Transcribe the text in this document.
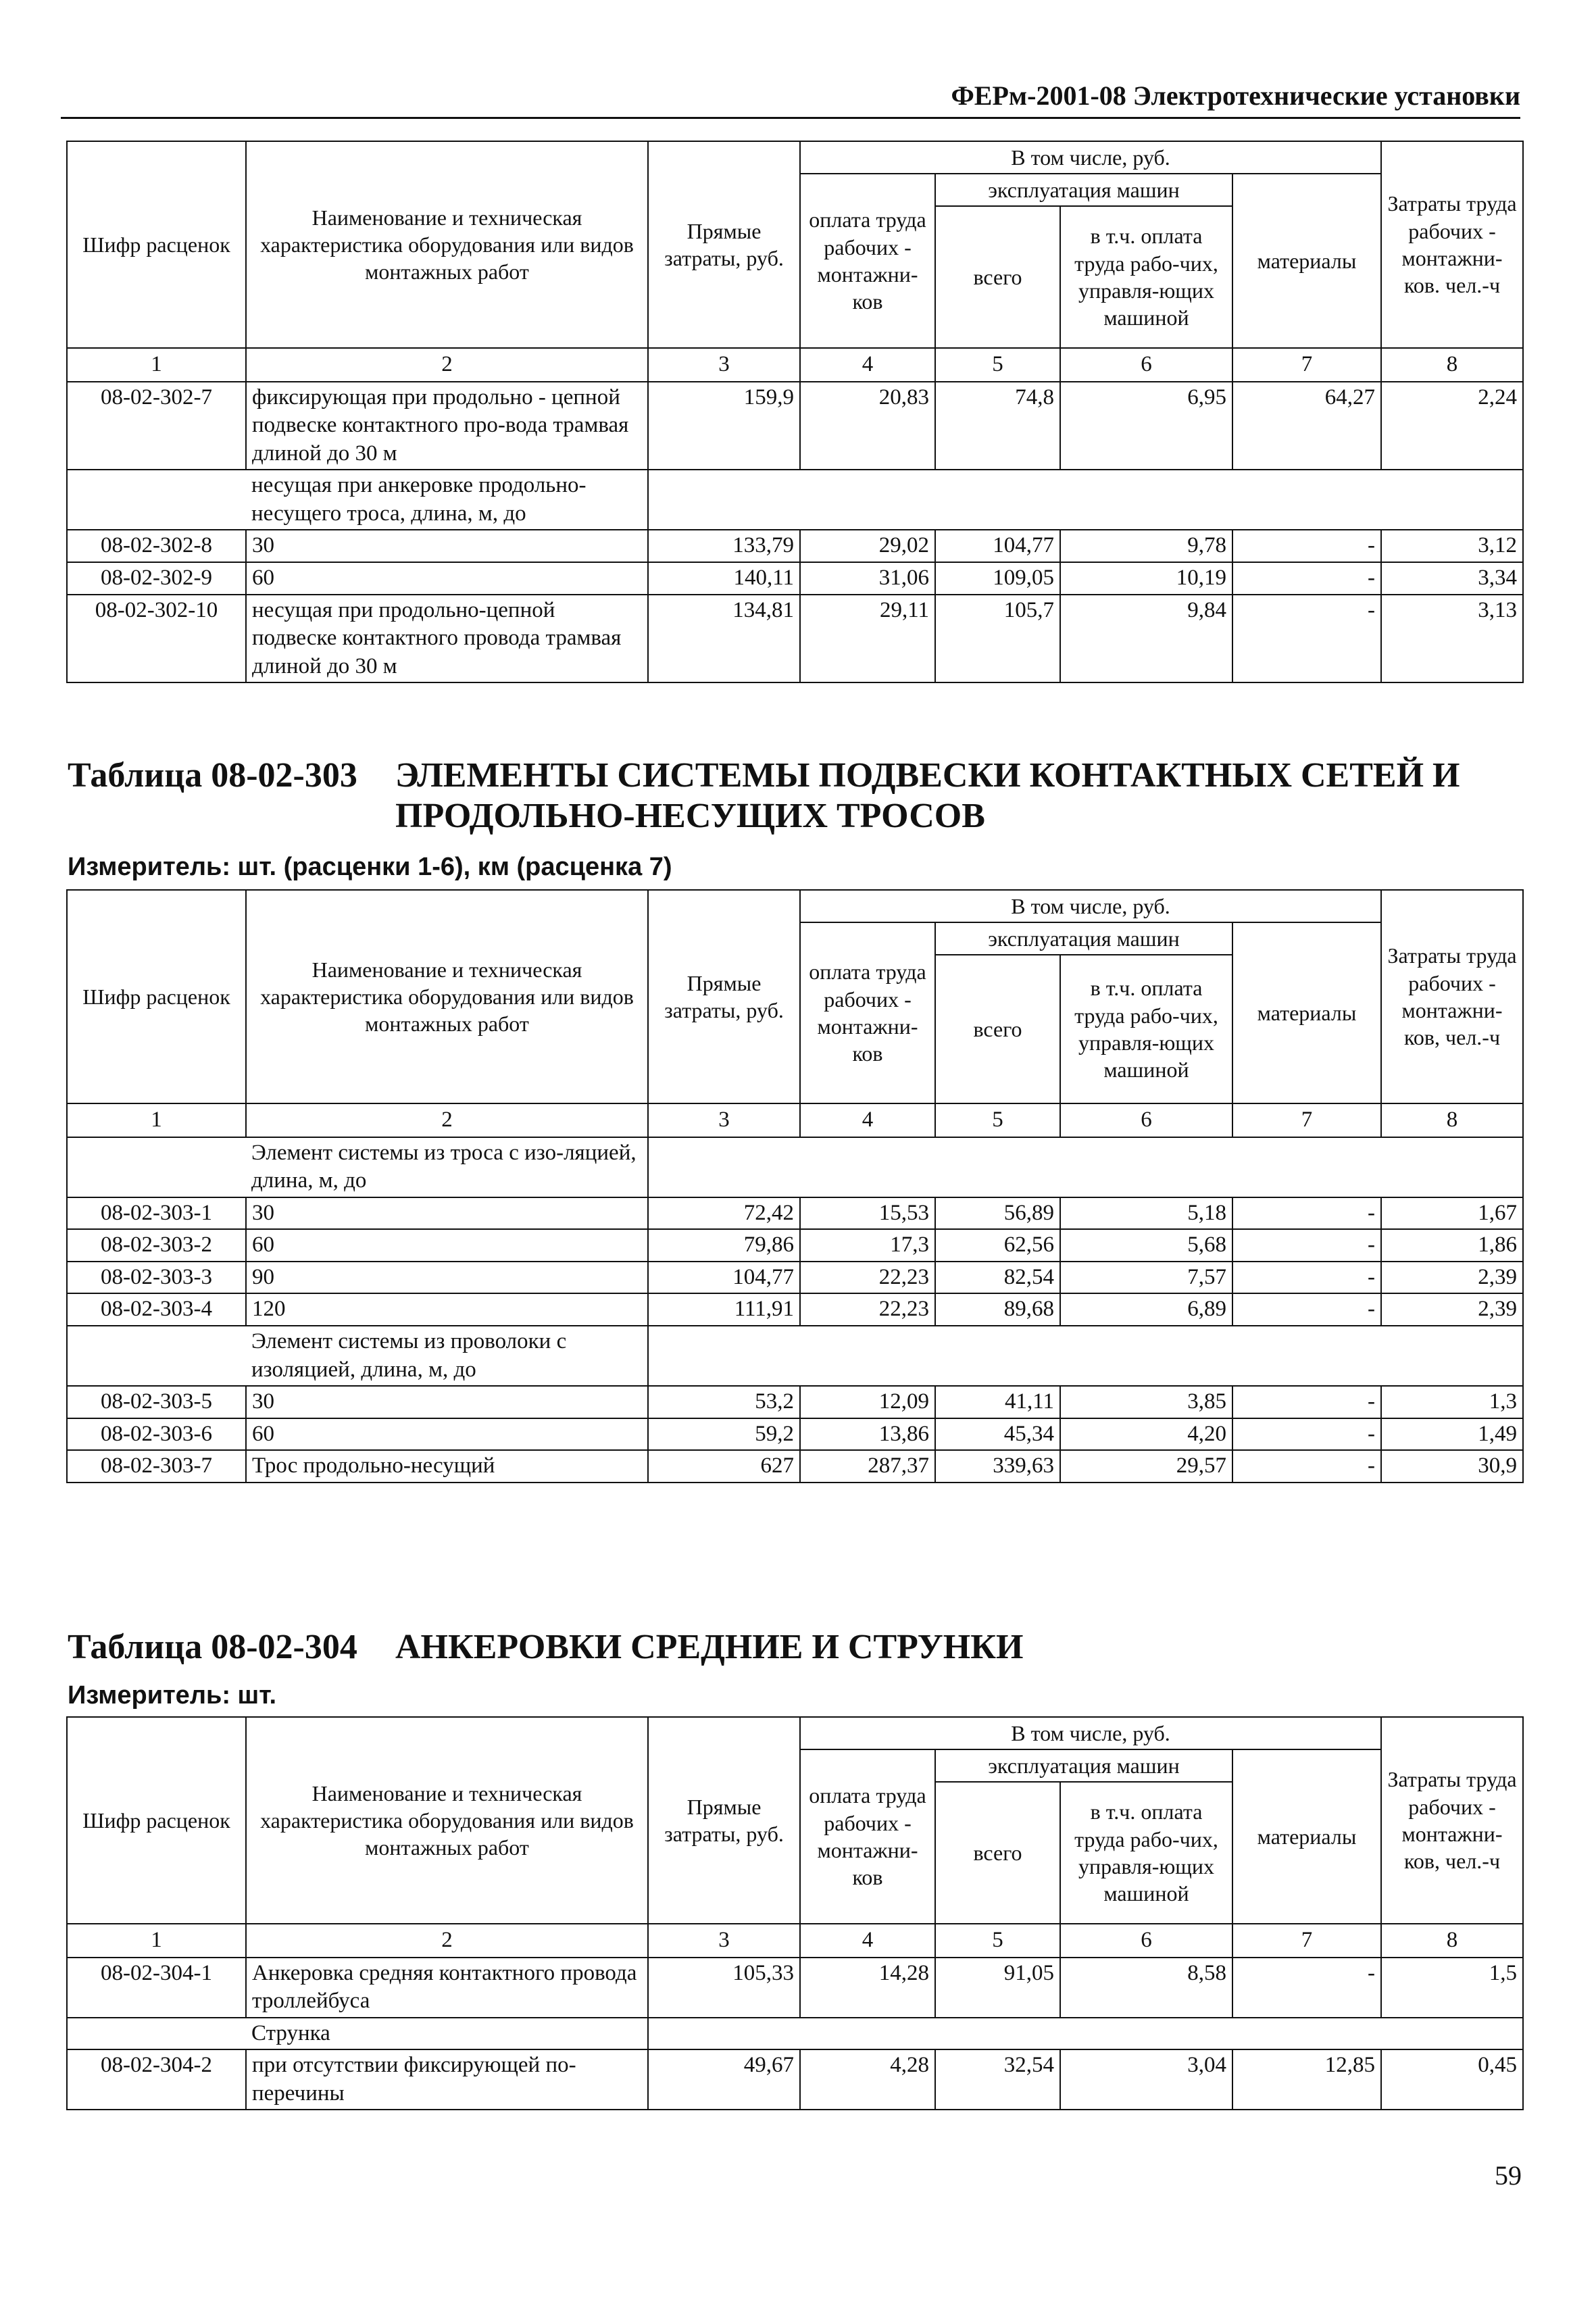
ФЕРм-2001-08 Электротехнические установки
Шифр расценок	Наименование и техническая характеристика оборудования или видов монтажных работ	Прямые затраты, руб.	В том числе, руб.				Затраты труда рабочих - монтажни-ков. чел.-ч
			оплата труда рабочих - монтажни-ков	эксплуатация машин		материалы	
				всего	в т.ч. оплата труда рабо-чих, управля-ющих машиной		
1	2	3	4	5	6	7	8
08-02-302-7	фиксирующая при продольно - цепной подвеске контактного про-вода трамвая длиной до 30 м	159,9	20,83	74,8	6,95	64,27	2,24
	несущая при анкеровке продольно-несущего троса, длина, м, до						
08-02-302-8	30	133,79	29,02	104,77	9,78	-	3,12
08-02-302-9	60	140,11	31,06	109,05	10,19	-	3,34
08-02-302-10	несущая при продольно-цепной подвеске контактного провода трамвая длиной до 30 м	134,81	29,11	105,7	9,84	-	3,13
Таблица 08-02-303 ЭЛЕМЕНТЫ СИСТЕМЫ ПОДВЕСКИ КОНТАКТНЫХ СЕТЕЙ И ПРОДОЛЬНО-НЕСУЩИХ ТРОСОВ
Измеритель: шт. (расценки 1-6), км (расценка 7)
Шифр расценок	Наименование и техническая характеристика оборудования или видов монтажных работ	Прямые затраты, руб.	В том числе, руб.				Затраты труда рабочих - монтажни-ков, чел.-ч
			оплата труда рабочих - монтажни-ков	эксплуатация машин		материалы	
				всего	в т.ч. оплата труда рабо-чих, управля-ющих машиной		
1	2	3	4	5	6	7	8
	Элемент системы из троса с изо-ляцией, длина, м, до						
08-02-303-1	30	72,42	15,53	56,89	5,18	-	1,67
08-02-303-2	60	79,86	17,3	62,56	5,68	-	1,86
08-02-303-3	90	104,77	22,23	82,54	7,57	-	2,39
08-02-303-4	120	111,91	22,23	89,68	6,89	-	2,39
	Элемент системы из проволоки с изоляцией, длина, м, до						
08-02-303-5	30	53,2	12,09	41,11	3,85	-	1,3
08-02-303-6	60	59,2	13,86	45,34	4,20	-	1,49
08-02-303-7	Трос продольно-несущий	627	287,37	339,63	29,57	-	30,9
Таблица 08-02-304 АНКЕРОВКИ СРЕДНИЕ И СТРУНКИ
Измеритель: шт.
Шифр расценок	Наименование и техническая характеристика оборудования или видов монтажных работ	Прямые затраты, руб.	В том числе, руб.				Затраты труда рабочих - монтажни-ков, чел.-ч
			оплата труда рабочих - монтажни-ков	эксплуатация машин		материалы	
				всего	в т.ч. оплата труда рабо-чих, управля-ющих машиной		
1	2	3	4	5	6	7	8
08-02-304-1	Анкеровка средняя контактного провода троллейбуса	105,33	14,28	91,05	8,58	-	1,5
	Струнка						
08-02-304-2	при отсутствии фиксирующей по-перечины	49,67	4,28	32,54	3,04	12,85	0,45
59
